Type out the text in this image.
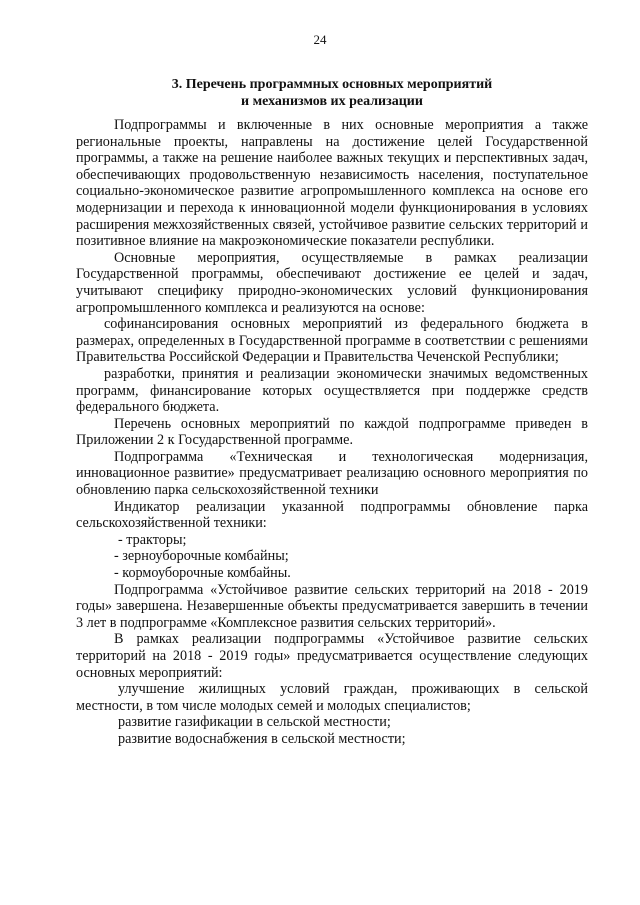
24
3. Перечень программных основных мероприятий
и механизмов их реализации

Подпрограммы и включенные в них основные мероприятия а также региональные проекты, направлены на достижение целей Государственной программы, а также на решение наиболее важных текущих и перспективных задач, обеспечивающих продовольственную независимость населения, поступательное социально-экономическое развитие агропромышленного комплекса на основе его модернизации и перехода к инновационной модели функционирования в условиях расширения межхозяйственных связей, устойчивое развитие сельских территорий и позитивное влияние на макроэкономические показатели республики.

Основные мероприятия, осуществляемые в рамках реализации Государственной программы, обеспечивают достижение ее целей и задач, учитывают специфику природно-экономических условий функционирования агропромышленного комплекса и реализуются на основе:

софинансирования основных мероприятий из федерального бюджета в размерах, определенных в Государственной программе в соответствии с решениями Правительства Российской Федерации и Правительства Чеченской Республики;

разработки, принятия и реализации экономически значимых ведомственных программ, финансирование которых осуществляется при поддержке средств федерального бюджета.

Перечень основных мероприятий по каждой подпрограмме приведен в Приложении 2 к Государственной программе.

Подпрограмма «Техническая и технологическая модернизация, инновационное развитие» предусматривает реализацию основного мероприятия по обновлению парка сельскохозяйственной техники

Индикатор реализации указанной подпрограммы обновление парка сельскохозяйственной техники:

- тракторы;

- зерноуборочные комбайны;

- кормоуборочные комбайны.

Подпрограмма «Устойчивое развитие сельских территорий на 2018 - 2019 годы» завершена. Незавершенные объекты предусматривается завершить в течении 3 лет в подпрограмме «Комплексное развития сельских территорий».

В рамках реализации подпрограммы «Устойчивое развитие сельских территорий на 2018 - 2019 годы» предусматривается осуществление следующих основных мероприятий:

улучшение жилищных условий граждан, проживающих в сельской местности, в том числе молодых семей и молодых специалистов;

развитие газификации в сельской местности;

развитие водоснабжения в сельской местности;
